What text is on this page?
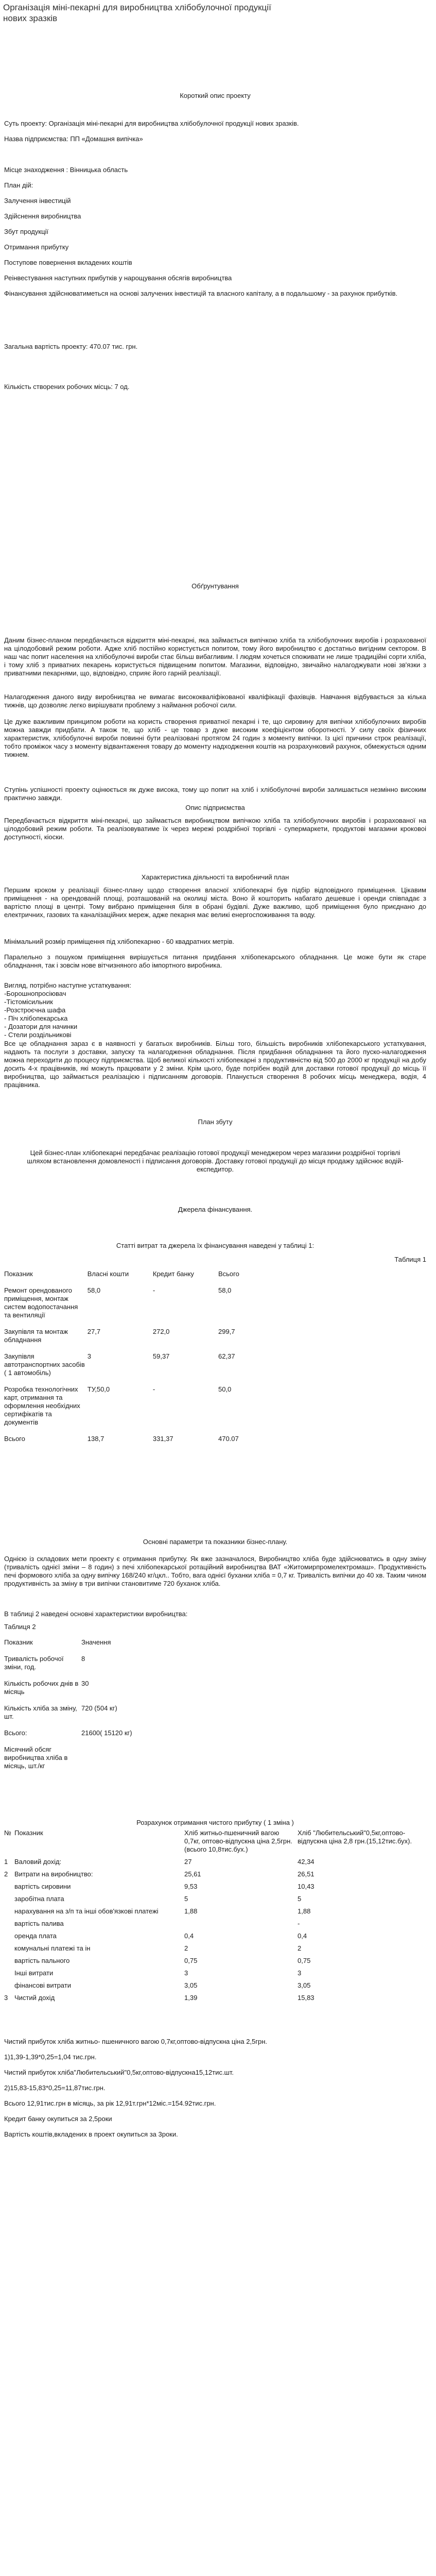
Організація міні-пекарні для виробництва хлібобулочної продукції нових зразків
Короткий опис проекту

Суть проекту: Організація міні-пекарні для виробництва хлібобулочної продукції нових зразків.

Назва підприємства: ПП «Домашня випічка»

Місце знаходження : Вінницька область

План дій:

Залучення інвестицій

Здійснення виробництва

Збут продукції

Отримання прибутку

Поступове повернення вкладених коштів

Реінвестування наступних прибутків у нарощування обсягів виробництва

Фінансування здійснюватиметься на основі залучених інвестицій та власного капіталу, а в подальшому - за рахунок прибутків.

Загальна вартість проекту: 470.07 тис. грн.
Кількість створених робочих місць: 7 од.
Обґрунтування
Даним бізнес-планом передбачається відкриття міні-пекарні, яка займається випічкою хліба та хлібобулочних виробів і розрахованої на цілодобовий режим роботи. Адже хліб постійно користується попитом, тому його виробництво є достатньо вигідним сектором. В наш час попит населення на хлібобулочні вироби стає більш вибагливим. І людям хочеться споживати не лише традиційні сорти хліба, і тому хліб з приватних пекарень користується підвищеним попитом. Магазини, відповідно, звичайно налагоджувати нові зв'язки з приватними пекарнями, що, відповідно, сприяє його гарній реалізації.
Налагодження даного виду виробництва не вимагає висококваліфікованої кваліфікації фахівців. Навчання відбувається за кілька тижнів, що дозволяє легко вирішувати проблему з наймання робочої сили.
Це дуже важливим принципом роботи на користь створення приватної пекарні і те, що сировину для випічки хлібобулочних виробів можна завжди придбати. А також те, що хліб - це товар з дуже високим коефіцієнтом оборотності. У силу своїх фізичних характеристик, хлібобулочні вироби повинні бути реалізовані протягом 24 годин з моменту випічки. Із цієї причини строк реалізації, тобто проміжок часу з моменту відвантаження товару до моменту надходження коштів на розрахунковий рахунок, обмежується одним тижнем.
Ступінь успішності проекту оцінюється як дуже висока, тому що попит на хліб і хлібобулочні вироби залишається незмінно високим практично завжди.
Опис підприємства
Передбачається відкриття міні-пекарні, що займається виробництвом випічкою хліба та хлібобулочних виробів і розрахованої на цілодобовий режим роботи. Та реалізовуватиме їх через мережі роздрібної торгівлі - супермаркети, продуктові магазини кроковоі доступності, кіоски.
Характеристика діяльності та виробничий план
Першим кроком у реалізації бізнес-плану щодо створення власної хлібопекарні був підбір відповідного приміщення. Цікавим приміщення - на орендованій площі, розташованій на околиці міста. Воно й кошторить набагато дешевше і оренди співпадає з вартістю площі в центрі. Тому вибрано приміщення біля в обрані будівлі. Дуже важливо, щоб приміщення було приєднано до електричних, газових та каналізаційних мереж, адже пекарня має великі енергоспоживання та воду.
Мінімальний розмір приміщення під хлібопекарню - 60 квадратних метрів.
Паралельно з пошуком приміщення вирішується питання придбання хлібопекарського обладнання. Це може бути як старе обладнання, так і зовсім нове вітчизняного або імпортного виробника.
Вигляд, потрібно наступне устаткування:

-Борошнопросіювач

-Тістомісильник

-Розстроєчна шафа

- Піч хлібопекарська

- Дозатори для начинки

- Стели роздільникові

Все це обладнання зараз є в наявності у багатьох виробників. Більш того, більшість виробників хлібопекарського устаткування, надають та послуги з доставки, запуску та налагодження обладнання. Після придбання обладнання та його пуско-налагодження можна переходити до процесу підприємства. Щоб великої кількості хлібопекарні з продуктивністю від 500 до 2000 кг продукції на добу досить 4-х працівників, які можуть працювати у 2 зміни. Крім цього, буде потрібен водій для доставки готової продукції до місць її виробництва, що займається реалізацією і підписанням договорів. Планується створення 8 робочих місць менеджера, водія, 4 працівника.
План збуту
Цей бізнес-план хлібопекарні передбачає реалізацію готової продукції менеджером через магазини роздрібної торгівлі шляхом встановлення домовленості і підписання договорів. Доставку готової продукції до місця продажу здійснює водій-експедитор.
Джерела фінансування.
Статті витрат та джерела їх фінансування наведені у таблиці 1:
Таблиця 1
Показник	Власні кошти	Кредит банку	Всього
Ремонт орендованого приміщення, монтаж систем водопостачання та вентиляції	58,0	-	58,0
Закупівля та монтаж обладнання	27,7	272,0	299,7
Закупівля автотранспортних засобів ( 1 автомобіль)	3	59,37	62,37
Розробка технологічних карт, отримання та оформлення необхідних сертифікатів та документів	ТУ,50,0	-	50,0
Всього	138,7	331,37	470.07
Основні параметри та показники бізнес-плану.
Однією із складових мети проекту є отримання прибутку. Як вже зазначалося, Виробництво хліба буде здійснюватись в одну зміну (тривалість однієї зміни – 8 годин) з печі хлібопекарської ротаційний виробництва ВАТ «Житомирпромелектромаш». Продуктивність печі формового хліба за одну випічку 168/240 кг/цкл.. Тобто, вага однієї буханки хліба = 0,7 кг. Тривалість випічки до 40 хв. Таким чином продуктивність за зміну в три випічки становитиме 720 буханок хліба.
В таблиці 2 наведені основні характеристики виробництва:
Таблиця 2
Показник	Значення
Тривалість робочої зміни, год.	8
Кількість робочих днів в місяць	30
Кількість хліба за зміну, шт.	720 (504 кг)
Всього:	21600( 15120 кг)
Місячний обсяг виробництва хліба в місяць, шт./кг	
Розрахунок отримання чистого прибутку ( 1 зміна )
№	Показник	Хліб житньо-пшеничний вагою 0,7кг, оптово-відпускна ціна 2,5грн.(всього 10,8тис.бух.)	Хліб "Любительський"0,5кг,оптово-відпускна ціна 2,8 грн.(15,12тис.бух).
1	Валовий дохід:	27	42,34
2	Витрати на виробництво:	25,61	26,51
	вартість сировини	9,53	10,43
	заробітна плата	5	5
	нарахування на з/п та інші обов'язкові платежі	1,88	1,88
	вартість палива		-
	оренда плата	0,4	0,4
	комунальні платежі та ін	2	2
	вартість пального	0,75	0,75
	Інші витрати	3	3
	фінансові витрати	3,05	3,05
3	Чистий дохід	1,39	15,83

Чистий прибуток хліба житньо- пшеничного вагою 0,7кг,оптово-відпускна ціна 2,5грн.

1)1,39-1,39*0,25=1,04 тис.грн.

Чистий прибуток хліба"Любительський"0,5кг,оптово-відпускна15,12тис.шт.

2)15,83-15,83*0,25=11,87тис.грн.

Всього 12,91тис.грн в місяць, за рік 12,91т.грн*12міс.=154.92тис.грн.

Кредит банку окупиться за 2,5роки

Вартість коштів,вкладених в проект окупиться за 3роки.
